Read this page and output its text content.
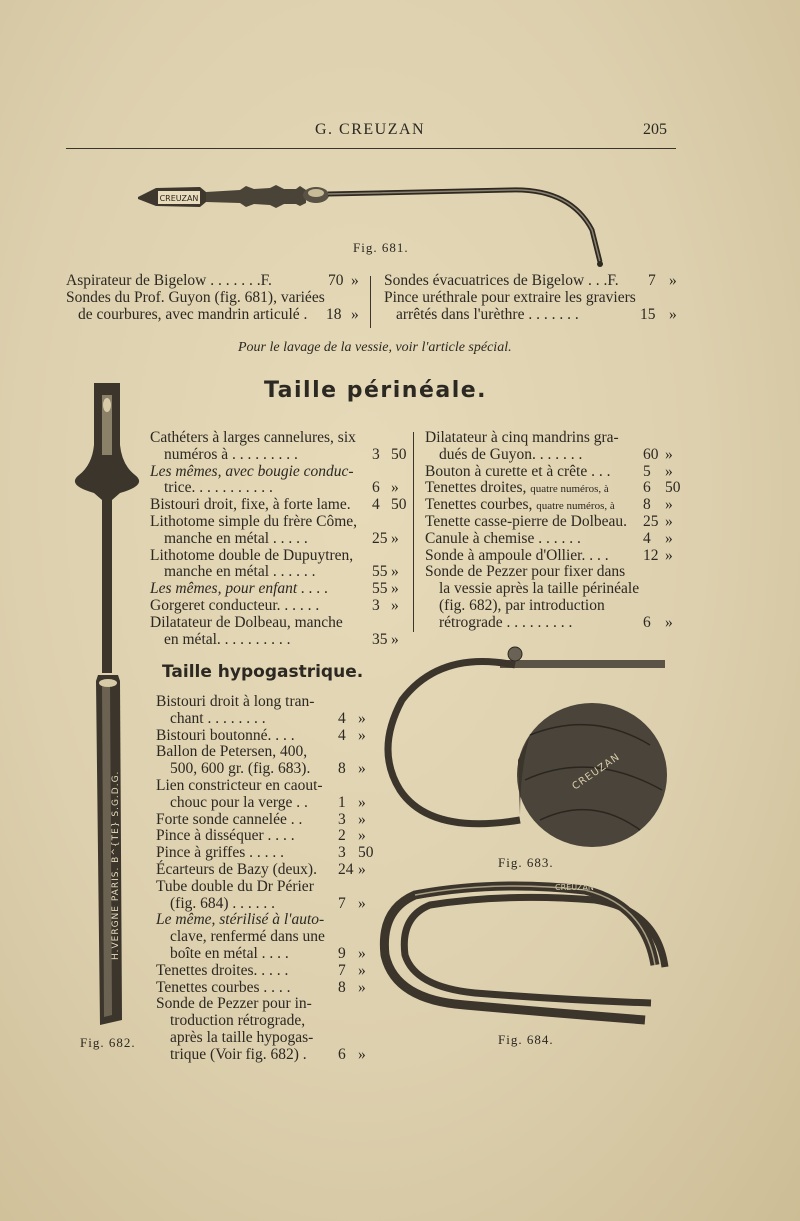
G. CREUZAN	205
CREUZAN
Fig. 681.
Aspirateur de Bigelow . . . . . . .F.	70 »
Sondes du Prof. Guyon (fig. 681), variées
de courbures, avec mandrin articulé . 18 »
Sondes évacuatrices de Bigelow . . .F. 7 »
Pince uréthrale pour extraire les graviers
arrêtés dans l'urèthre . . . . . . .	15 »
Pour le lavage de la vessie, voir l'article spécial.
Taille périnéale.
H.VERGNE PARIS. B^{TE} S.G.D.G.
Fig. 682.
Cathéters à larges cannelures, six
numéros à . . . . . . . . .	3 50
Les mêmes, avec bougie conduc-
trice. . . . . . . . . . .	6 »
Bistouri droit, fixe, à forte lame. 4 50
Lithotome simple du frère Côme,
manche en métal . . . . .	25 »
Lithotome double de Dupuytren,
manche en métal . . . . . .	55 »
Les mêmes, pour enfant . . . .	55 »
Gorgeret conducteur. . . . . .	3 »
Dilatateur de Dolbeau, manche
en métal. . . . . . . . . .	35 »
Dilatateur à cinq mandrins gra-
dués de Guyon. . . . . . .	60 »
Bouton à curette et à crête . . . 5 »
Tenettes droites, quatre numéros, à 6 50
Tenettes courbes, quatre numéros, à 8 »
Tenette casse-pierre de Dolbeau. 25 »
Canule à chemise . . . . . .	4 »
Sonde à ampoule d'Ollier. . . . 12 »
Sonde de Pezzer pour fixer dans
la vessie après la taille périnéale
(fig. 682), par introduction
rétrograde . . . . . . . . .	6 »
Taille hypogastrique.
Bistouri droit à long tran-
chant . . . . . . . .	4 »
Bistouri boutonné. . . .	4 »
Ballon de Petersen, 400,
500, 600 gr. (fig. 683). 8 »
Lien constricteur en caout-
chouc pour la verge . . 1 »
Forte sonde cannelée . . 3 »
Pince à disséquer . . . .	2 »
Pince à griffes . . . . .	3 50
Écarteurs de Bazy (deux). 24 »
Tube double du Dr Périer
(fig. 684) . . . . . .	7 »
Le même, stérilisé à l'auto-
clave, renfermé dans une
boîte en métal . . . .	9 »
Tenettes droites. . . . .	7 »
Tenettes courbes . . . .	8 »
Sonde de Pezzer pour in-
troduction rétrograde,
après la taille hypogas-
trique (Voir fig. 682) . 6 »
CREUZAN
Fig. 683.
CREUZAN
Fig. 684.
